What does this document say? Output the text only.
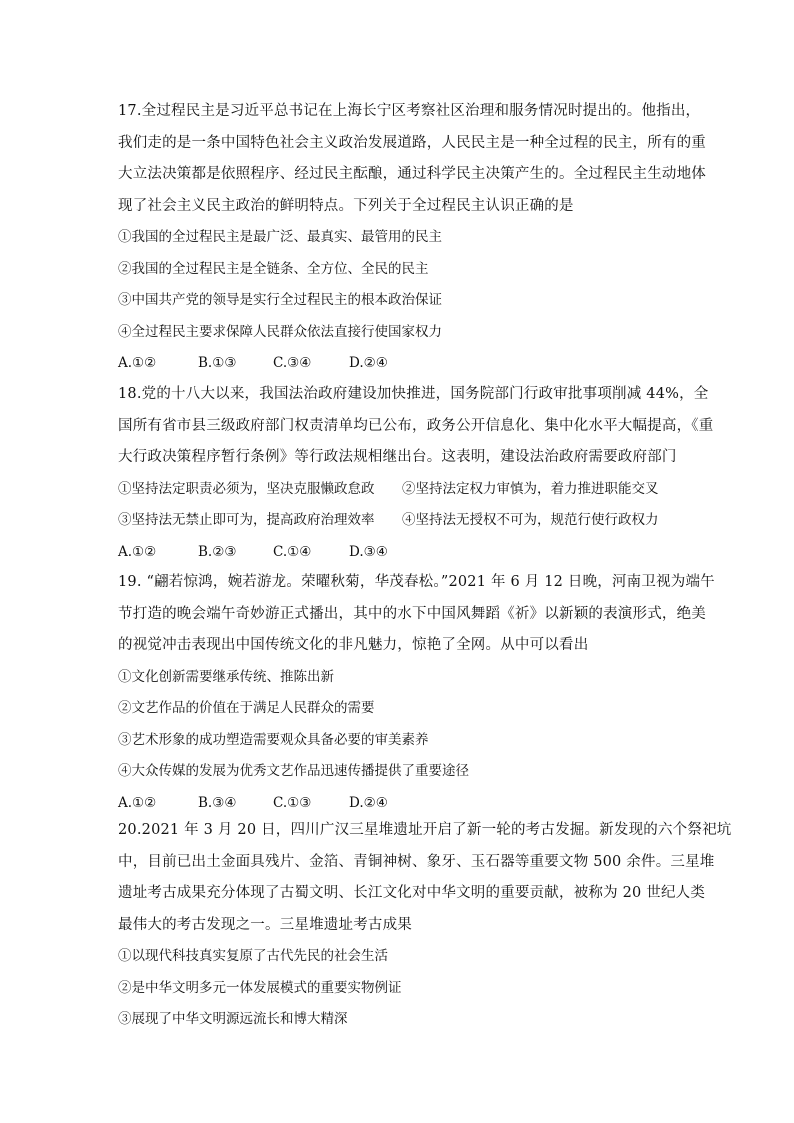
17.全过程民主是习近平总书记在上海长宁区考察社区治理和服务情况时提出的。他指出，
我们走的是一条中国特色社会主义政治发展道路，人民民主是一种全过程的民主，所有的重
大立法决策都是依照程序、经过民主酝酿，通过科学民主决策产生的。全过程民主生动地体
现了社会主义民主政治的鲜明特点。下列关于全过程民主认识正确的是
①我国的全过程民主是最广泛、最真实、最管用的民主
②我国的全过程民主是全链条、全方位、全民的民主
③中国共产党的领导是实行全过程民主的根本政治保证
④全过程民主要求保障人民群众依法直接行使国家权力
A.①②	B.①③	C.③④	D.②④
18.党的十八大以来，我国法治政府建设加快推进，国务院部门行政审批事项削减 44%，全
国所有省市县三级政府部门权责清单均已公布，政务公开信息化、集中化水平大幅提高，《重
大行政决策程序暂行条例》等行政法规相继出台。这表明，建设法治政府需要政府部门
①坚持法定职责必须为，坚决克服懒政怠政 ②坚持法定权力审慎为，着力推进职能交叉
③坚持法无禁止即可为，提高政府治理效率 ④坚持法无授权不可为，规范行使行政权力
A.①②	B.②③	C.①④	D.③④
19. “翩若惊鸿，婉若游龙。荣曜秋菊，华茂春松。”2021 年 6 月 12 日晚，河南卫视为端午
节打造的晚会端午奇妙游正式播出，其中的水下中国风舞蹈《祈》以新颖的表演形式，绝美
的视觉冲击表现出中国传统文化的非凡魅力，惊艳了全网。从中可以看出
①文化创新需要继承传统、推陈出新
②文艺作品的价值在于满足人民群众的需要
③艺术形象的成功塑造需要观众具备必要的审美素养
④大众传媒的发展为优秀文艺作品迅速传播提供了重要途径
A.①②	B.③④	C.①③	D.②④
20.2021 年 3 月 20 日，四川广汉三星堆遗址开启了新一轮的考古发掘。新发现的六个祭祀坑
中，目前已出土金面具残片、金箔、青铜神树、象牙、玉石器等重要文物 500 余件。三星堆
遗址考古成果充分体现了古蜀文明、长江文化对中华文明的重要贡献，被称为 20 世纪人类
最伟大的考古发现之一。三星堆遗址考古成果
①以现代科技真实复原了古代先民的社会生活
②是中华文明多元一体发展模式的重要实物例证
③展现了中华文明源远流长和博大精深
